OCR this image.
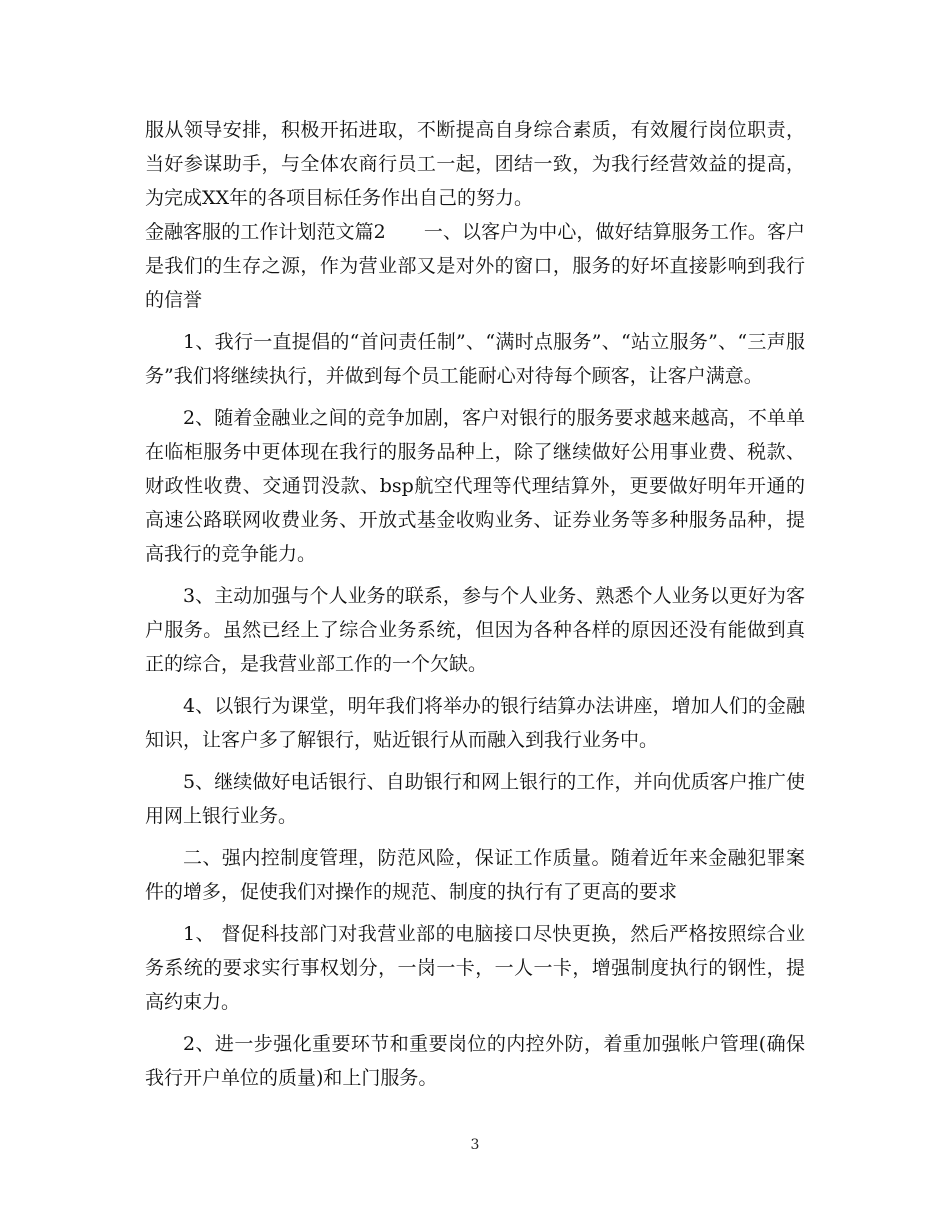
服从领导安排，积极开拓进取，不断提高自身综合素质，有效履行岗位职责，当好参谋助手，与全体农商行员工一起，团结一致，为我行经营效益的提高，为完成XX年的各项目标任务作出自己的努力。

金融客服的工作计划范文篇2　　一、以客户为中心，做好结算服务工作。客户是我们的生存之源，作为营业部又是对外的窗口，服务的好坏直接影响到我行的信誉

1、我行一直提倡的“首问责任制”、“满时点服务”、“站立服务”、“三声服务”我们将继续执行，并做到每个员工能耐心对待每个顾客，让客户满意。

2、随着金融业之间的竞争加剧，客户对银行的服务要求越来越高，不单单在临柜服务中更体现在我行的服务品种上，除了继续做好公用事业费、税款、财政性收费、交通罚没款、bsp航空代理等代理结算外，更要做好明年开通的高速公路联网收费业务、开放式基金收购业务、证券业务等多种服务品种，提高我行的竞争能力。

3、主动加强与个人业务的联系，参与个人业务、熟悉个人业务以更好为客户服务。虽然已经上了综合业务系统，但因为各种各样的原因还没有能做到真正的综合，是我营业部工作的一个欠缺。

4、以银行为课堂，明年我们将举办的银行结算办法讲座，增加人们的金融知识，让客户多了解银行，贴近银行从而融入到我行业务中。

5、继续做好电话银行、自助银行和网上银行的工作，并向优质客户推广使用网上银行业务。

二、强内控制度管理，防范风险，保证工作质量。随着近年来金融犯罪案件的增多，促使我们对操作的规范、制度的执行有了更高的要求

1、 督促科技部门对我营业部的电脑接口尽快更换，然后严格按照综合业务系统的要求实行事权划分，一岗一卡，一人一卡，增强制度执行的钢性，提高约束力。

2、进一步强化重要环节和重要岗位的内控外防，着重加强帐户管理(确保我行开户单位的质量)和上门服务。

3
